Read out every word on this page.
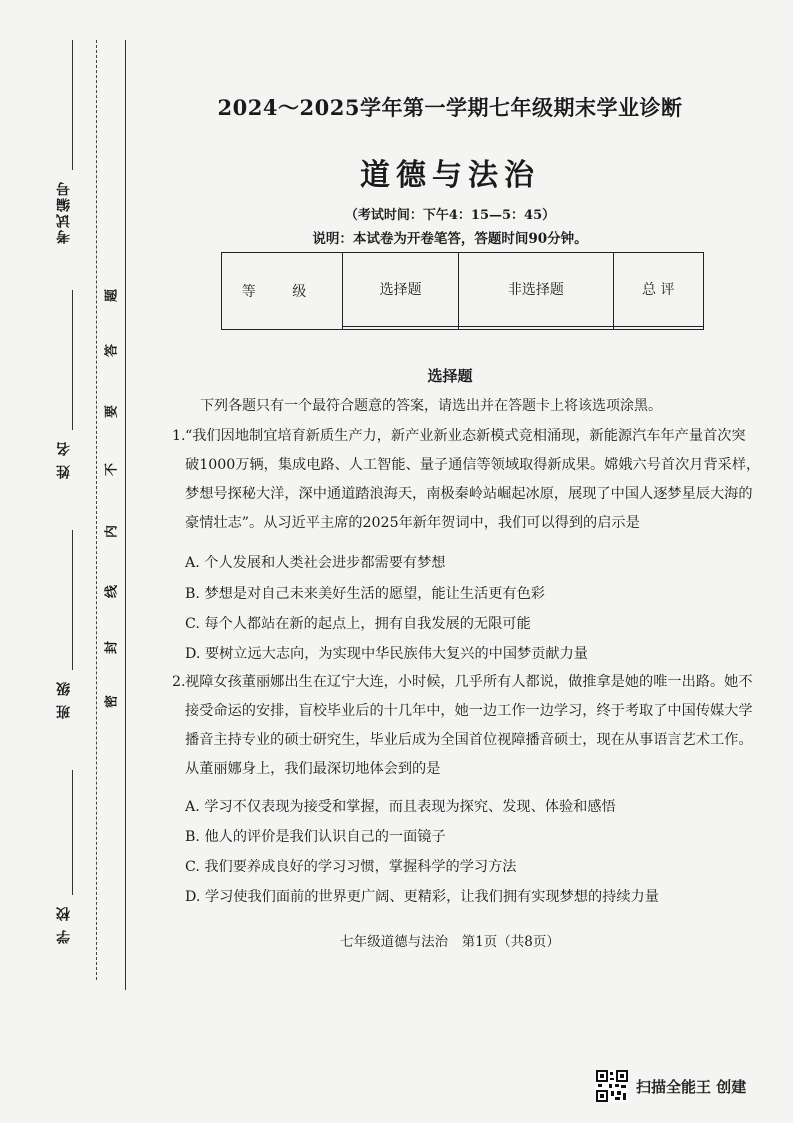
考试编号
姓 名
班 级
学 校
题
答
要
不
内
线
封
密
2024～2025学年第一学期七年级期末学业诊断
道德与法治
（考试时间：下午4：15—5：45）
说明：本试卷为开卷笔答，答题时间90分钟。
等 级	选择题	非选择题	总 评

选择题
下列各题只有一个最符合题意的答案，请选出并在答题卡上将该选项涂黑。
1. “我们因地制宜培育新质生产力，新产业新业态新模式竞相涌现，新能源汽车年产量首次突
破1000万辆，集成电路、人工智能、量子通信等领域取得新成果。嫦娥六号首次月背采样，
梦想号探秘大洋，深中通道踏浪海天，南极秦岭站崛起冰原，展现了中国人逐梦星辰大海的
豪情壮志”。从习近平主席的2025年新年贺词中，我们可以得到的启示是
A. 个人发展和人类社会进步都需要有梦想
B. 梦想是对自己未来美好生活的愿望，能让生活更有色彩
C. 每个人都站在新的起点上，拥有自我发展的无限可能
D. 要树立远大志向，为实现中华民族伟大复兴的中国梦贡献力量
2. 视障女孩董丽娜出生在辽宁大连，小时候，几乎所有人都说，做推拿是她的唯一出路。她不
接受命运的安排，盲校毕业后的十几年中，她一边工作一边学习，终于考取了中国传媒大学
播音主持专业的硕士研究生，毕业后成为全国首位视障播音硕士，现在从事语言艺术工作。
从董丽娜身上，我们最深切地体会到的是
A. 学习不仅表现为接受和掌握，而且表现为探究、发现、体验和感悟
B. 他人的评价是我们认识自己的一面镜子
C. 我们要养成良好的学习习惯，掌握科学的学习方法
D. 学习使我们面前的世界更广阔、更精彩，让我们拥有实现梦想的持续力量
七年级道德与法治　第1页（共8页）
扫描全能王 创建
